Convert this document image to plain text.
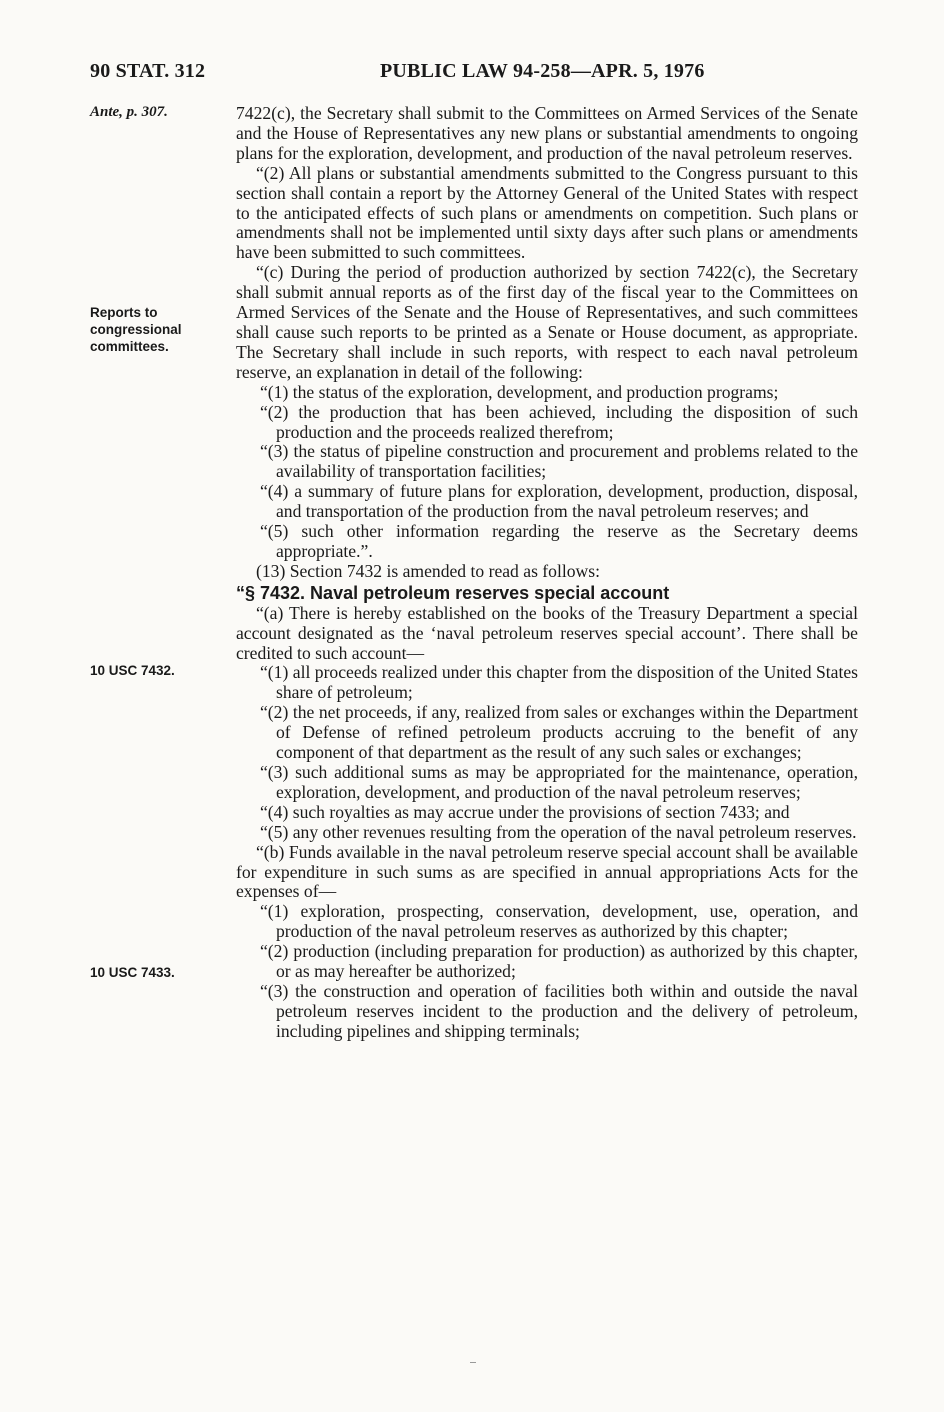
90 STAT. 312	PUBLIC LAW 94-258—APR. 5, 1976
Ante, p. 307.
Reports to congressional committees.
10 USC 7432.
10 USC 7433.

7422(c), the Secretary shall submit to the Committees on Armed Services of the Senate and the House of Representatives any new plans or substantial amendments to ongoing plans for the exploration, development, and production of the naval petroleum reserves.

“(2) All plans or substantial amendments submitted to the Congress pursuant to this section shall contain a report by the Attorney General of the United States with respect to the anticipated effects of such plans or amendments on competition. Such plans or amendments shall not be implemented until sixty days after such plans or amendments have been submitted to such committees.

“(c) During the period of production authorized by section 7422(c), the Secretary shall submit annual reports as of the first day of the fiscal year to the Committees on Armed Services of the Senate and the House of Representatives, and such committees shall cause such reports to be printed as a Senate or House document, as appropriate. The Secretary shall include in such reports, with respect to each naval petroleum reserve, an explanation in detail of the following:

“(1) the status of the exploration, development, and production programs;

“(2) the production that has been achieved, including the disposition of such production and the proceeds realized therefrom;

“(3) the status of pipeline construction and procurement and problems related to the availability of transportation facilities;

“(4) a summary of future plans for exploration, development, production, disposal, and transportation of the production from the naval petroleum reserves; and

“(5) such other information regarding the reserve as the Secretary deems appropriate.”.

(13) Section 7432 is amended to read as follows:

“§ 7432. Naval petroleum reserves special account

“(a) There is hereby established on the books of the Treasury Department a special account designated as the ‘naval petroleum reserves special account’. There shall be credited to such account—

“(1) all proceeds realized under this chapter from the disposition of the United States share of petroleum;

“(2) the net proceeds, if any, realized from sales or exchanges within the Department of Defense of refined petroleum products accruing to the benefit of any component of that department as the result of any such sales or exchanges;

“(3) such additional sums as may be appropriated for the maintenance, operation, exploration, development, and production of the naval petroleum reserves;

“(4) such royalties as may accrue under the provisions of section 7433; and

“(5) any other revenues resulting from the operation of the naval petroleum reserves.

“(b) Funds available in the naval petroleum reserve special account shall be available for expenditure in such sums as are specified in annual appropriations Acts for the expenses of—

“(1) exploration, prospecting, conservation, development, use, operation, and production of the naval petroleum reserves as authorized by this chapter;

“(2) production (including preparation for production) as authorized by this chapter, or as may hereafter be authorized;

“(3) the construction and operation of facilities both within and outside the naval petroleum reserves incident to the production and the delivery of petroleum, including pipelines and shipping terminals;
